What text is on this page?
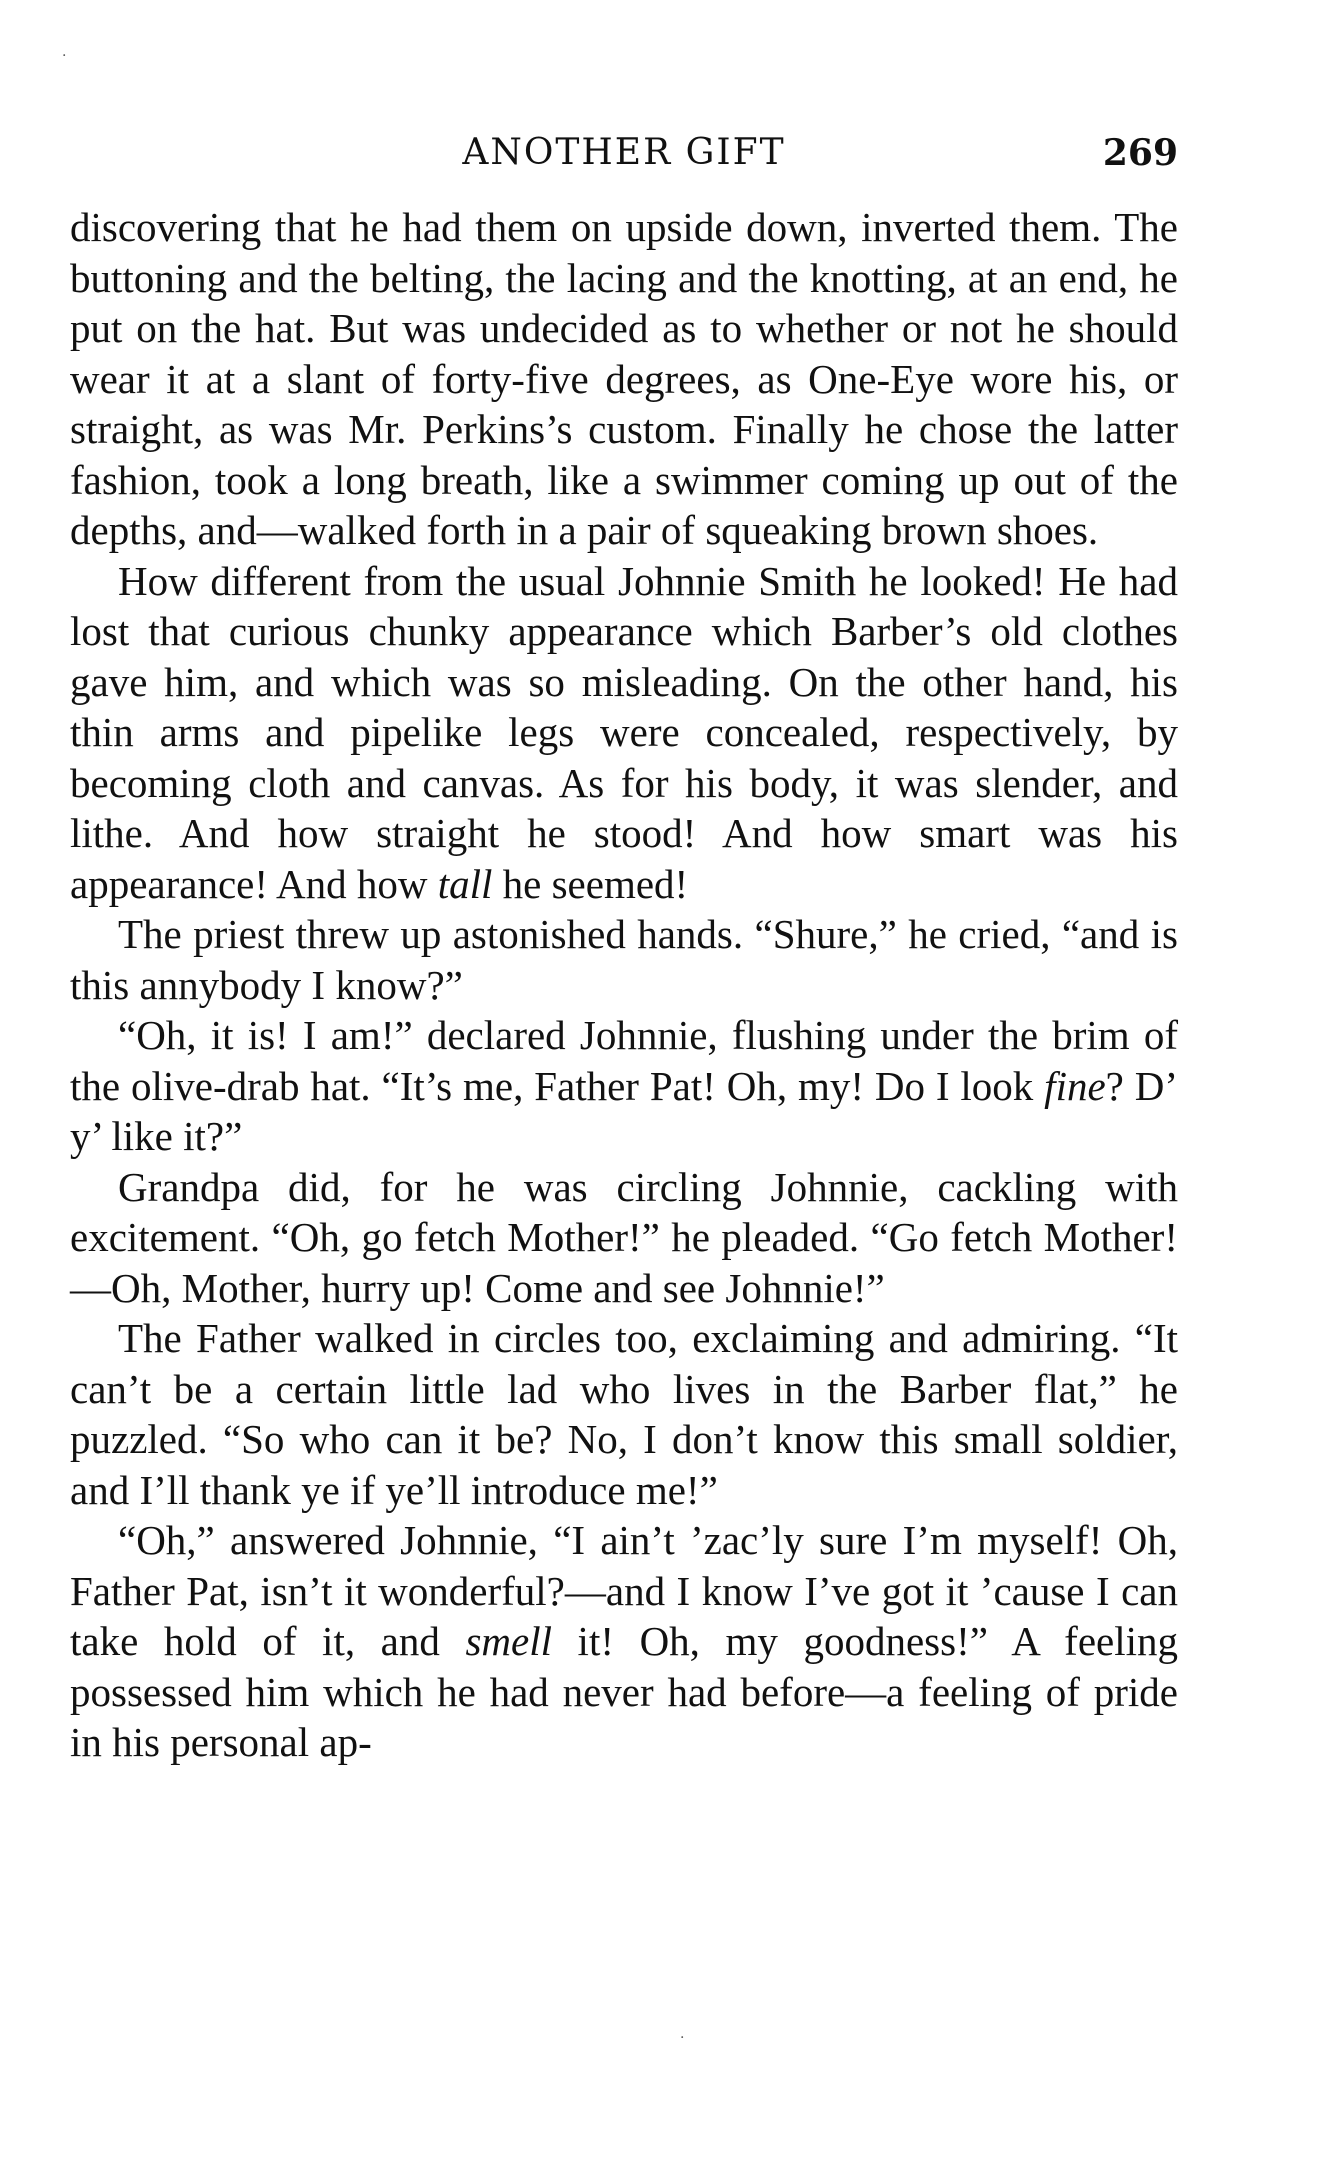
ANOTHER GIFT	269

discovering that he had them on upside down, inverted them. The buttoning and the belting, the lacing and the knotting, at an end, he put on the hat. But was undecided as to whether or not he should wear it at a slant of forty-five degrees, as One-Eye wore his, or straight, as was Mr. Perkins’s custom. Finally he chose the latter fashion, took a long breath, like a swimmer coming up out of the depths, and—walked forth in a pair of squeaking brown shoes.

How different from the usual Johnnie Smith he looked! He had lost that curious chunky appearance which Barber’s old clothes gave him, and which was so misleading. On the other hand, his thin arms and pipelike legs were concealed, respectively, by becoming cloth and canvas. As for his body, it was slender, and lithe. And how straight he stood! And how smart was his appearance! And how tall he seemed!

The priest threw up astonished hands. “Shure,” he cried, “and is this annybody I know?”

“Oh, it is! I am!” declared Johnnie, flushing under the brim of the olive-drab hat. “It’s me, Father Pat! Oh, my! Do I look fine? D’ y’ like it?”

Grandpa did, for he was circling Johnnie, cackling with excitement. “Oh, go fetch Mother!” he pleaded. “Go fetch Mother!—Oh, Mother, hurry up! Come and see Johnnie!”

The Father walked in circles too, exclaiming and admiring. “It can’t be a certain little lad who lives in the Barber flat,” he puzzled. “So who can it be? No, I don’t know this small soldier, and I’ll thank ye if ye’ll introduce me!”

“Oh,” answered Johnnie, “I ain’t ’zac’ly sure I’m myself! Oh, Father Pat, isn’t it wonderful?—and I know I’ve got it ’cause I can take hold of it, and smell it! Oh, my goodness!” A feeling possessed him which he had never had before—a feeling of pride in his personal ap-

·
·
